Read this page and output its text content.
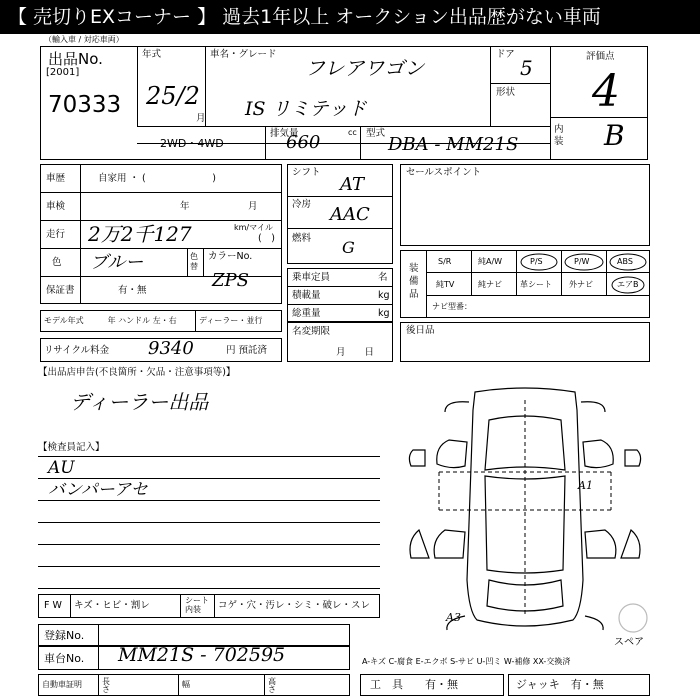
【 売切りEXコーナー 】 過去1年以上 オークション出品歴がない車両
（輸入車 / 対応車両）
出品No.
[2001]
70333
年式
25/2
月
車名・グレード
フレアワゴン
IS リミテッド
ドア
5
形状
評価点
4
内装 B
2WD・4WD
排気量
660	cc 型式
DBA - MM21S
車歴	自家用 ・ (　　　　　　　)
車検	年	月
走行 2万2千127	km/マイル
(　)
色 ブルー	色替
カラーNo.
ZPS
保証書	有・無
モデル年式　　　年 ハンドル 左・右	ディーラー・並行
リサイクル料金 9340	円 預託済
シフト
AT
冷房 AAC
燃料 G
乗車定員	名
積載量	kg
総重量	kg
名変期限
月　　日
セールスポイント
装備品
S/R	純A/W	P/S	P/W	ABS
純TV	純ナビ 革シート 外ナビ	エアB
ナビ型番：
後日品
【出品店申告(不良箇所・欠品・注意事項等)】
ディーラー出品
【検査員記入】
AU
バンパーアセ	A1
A3
スペア
F W キズ・ヒビ・割レ	シート内装	コゲ・穴・汚レ・シミ・破レ・スレ
登録No.
車台No. MM21S - 702595	A-キズ C-腐食 E-エクボ S-サビ U-凹ミ W-補修 XX-交換済
自動車証明	長さ
幅	高さ	工　具　　有・無	ジャッキ　有・無
